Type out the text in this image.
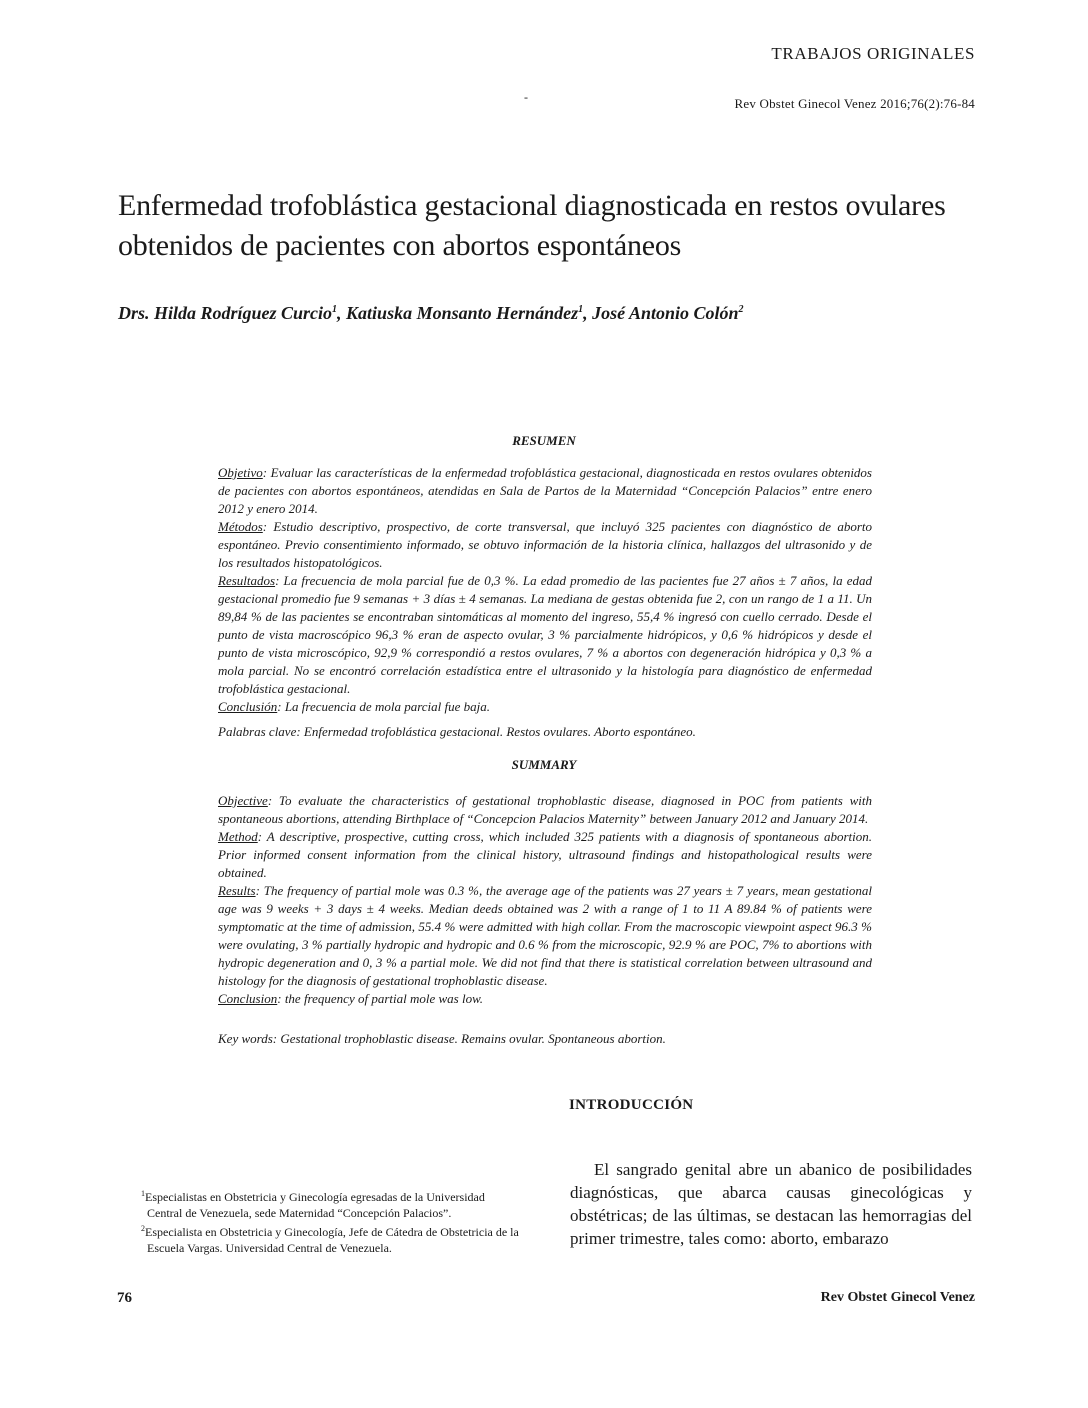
TRABAJOS ORIGINALES
-	Rev Obstet Ginecol Venez 2016;76(2):76-84
Enfermedad trofoblástica gestacional diagnosticada en restos ovulares obtenidos de pacientes con abortos espontáneos
Drs. Hilda Rodríguez Curcio$^1$, Katiuska Monsanto Hernández$^1$, José Antonio Colón$^2$
RESUMEN

Objetivo: Evaluar las características de la enfermedad trofoblástica gestacional, diagnosticada en restos ovulares obtenidos de pacientes con abortos espontáneos, atendidas en Sala de Partos de la Maternidad “Concepción Palacios” entre enero 2012 y enero 2014.

Métodos: Estudio descriptivo, prospectivo, de corte transversal, que incluyó 325 pacientes con diagnóstico de aborto espontáneo. Previo consentimiento informado, se obtuvo información de la historia clínica, hallazgos del ultrasonido y de los resultados histopatológicos.

Resultados: La frecuencia de mola parcial fue de 0,3 %. La edad promedio de las pacientes fue 27 años ± 7 años, la edad gestacional promedio fue 9 semanas + 3 días ± 4 semanas. La mediana de gestas obtenida fue 2, con un rango de 1 a 11. Un 89,84 % de las pacientes se encontraban sintomáticas al momento del ingreso, 55,4 % ingresó con cuello cerrado. Desde el punto de vista macroscópico 96,3 % eran de aspecto ovular, 3 % parcialmente hidrópicos, y 0,6 % hidrópicos y desde el punto de vista microscópico, 92,9 % correspondió a restos ovulares, 7 % a abortos con degeneración hidrópica y 0,3 % a mola parcial. No se encontró correlación estadística entre el ultrasonido y la histología para diagnóstico de enfermedad trofoblástica gestacional.

Conclusión: La frecuencia de mola parcial fue baja.

Palabras clave: Enfermedad trofoblástica gestacional. Restos ovulares. Aborto espontáneo.
SUMMARY

Objective: To evaluate the characteristics of gestational trophoblastic disease, diagnosed in POC from patients with spontaneous abortions, attending Birthplace of “Concepcion Palacios Maternity” between January 2012 and January 2014.

Method: A descriptive, prospective, cutting cross, which included 325 patients with a diagnosis of spontaneous abortion. Prior informed consent information from the clinical history, ultrasound findings and histopathological results were obtained.

Results: The frequency of partial mole was 0.3 %, the average age of the patients was 27 years ± 7 years, mean gestational age was 9 weeks + 3 days ± 4 weeks. Median deeds obtained was 2 with a range of 1 to 11 A 89.84 % of patients were symptomatic at the time of admission, 55.4 % were admitted with high collar. From the macroscopic viewpoint aspect 96.3 % were ovulating, 3 % partially hydropic and hydropic and 0.6 % from the microscopic, 92.9 % are POC, 7% to abortions with hydropic degeneration and 0, 3 % a partial mole. We did not find that there is statistical correlation between ultrasound and histology for the diagnosis of gestational trophoblastic disease.

Conclusion: the frequency of partial mole was low.

Key words: Gestational trophoblastic disease. Remains ovular. Spontaneous abortion.
INTRODUCCIÓN

El sangrado genital abre un abanico de posibilidades diagnósticas, que abarca causas ginecológicas y obstétricas; de las últimas, se destacan las hemorragias del primer trimestre, tales como: aborto, embarazo

$^1$Especialistas en Obstetricia y Ginecología egresadas de la Universidad Central de Venezuela, sede Maternidad “Concepción Palacios”.

$^2$Especialista en Obstetricia y Ginecología, Jefe de Cátedra de Obstetricia de la Escuela Vargas. Universidad Central de Venezuela.

76	Rev Obstet Ginecol Venez
